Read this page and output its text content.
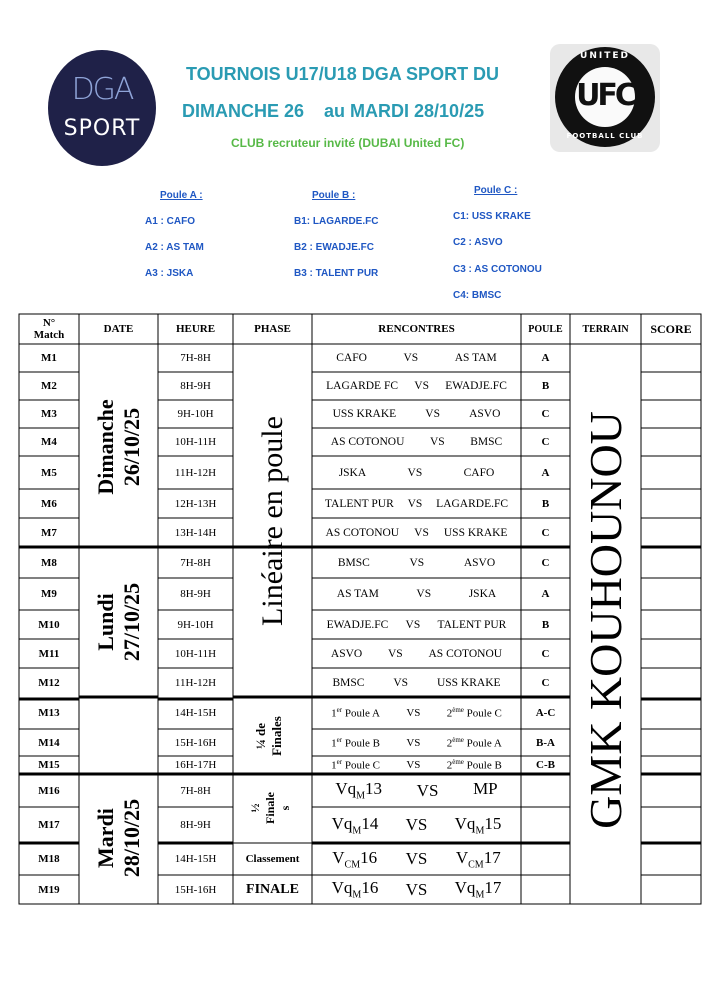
DGA
SPORT
TOURNOIS U17/U18 DGA SPORT DU
DIMANCHE 26    au MARDI 28/10/25
CLUB recruteur invité (DUBAI United FC)
UNITED
UFC
FOOTBALL CLUB
Poule A :
A1 : CAFO
A2 : AS TAM
A3 : JSKA
Poule B :
B1: LAGARDE.FC
B2 : EWADJE.FC
B3 : TALENT PUR
Poule C :
C1: USS KRAKE
C2 : ASVO
C3 : AS COTONOU
C4: BMSC
N°
Match	DATE	HEURE	PHASE	RENCONTRES	POULE	TERRAIN	SCORE
Dimanche 26/10/25
Lundi 27/10/25
Mardi 28/10/25
Linéaire en poule
¼ de Finales
½ Finale s
Classement
FINALE
GMK KOUHOUNOU
M1	7H-8H	CAFO	VS	AS TAM	A
M2	8H-9H	LAGARDE FC VS EWADJE.FC	B
M3	9H-10H	USS KRAKE	VS	ASVO	C
M4	10H-11H	AS COTONOU VS BMSC	C
M5	11H-12H	JSKA	VS	CAFO	A
M6	12H-13H	TALENT PUR VS LAGARDE.FC	B
M7	13H-14H	AS COTONOU VS USS KRAKE	C
M8	7H-8H	BMSC	VS	ASVO	C
M9	8H-9H	AS TAM	VS	JSKA	A
M10	9H-10H	EWADJE.FC VS TALENT PUR	B
M11	10H-11H	ASVO VS AS COTONOU	C
M12	11H-12H	BMSC	VS	USS KRAKE	C
M13	14H-15H	1er Poule A VS 2ème Poule C	A-C
M14	15H-16H	1er Poule B VS 2ème Poule A	B-A
M15	16H-17H	1er Poule C VS 2ème Poule B	C-B
M16	7H-8H	$Vq_M13$ VS MP
M17	8H-9H	$Vq_M14$ VS $Vq_M15$
M18	14H-15H	$V_{CM}16$ VS $V_{CM}17$
M19	15H-16H	$Vq_M16$ VS $Vq_M17$
